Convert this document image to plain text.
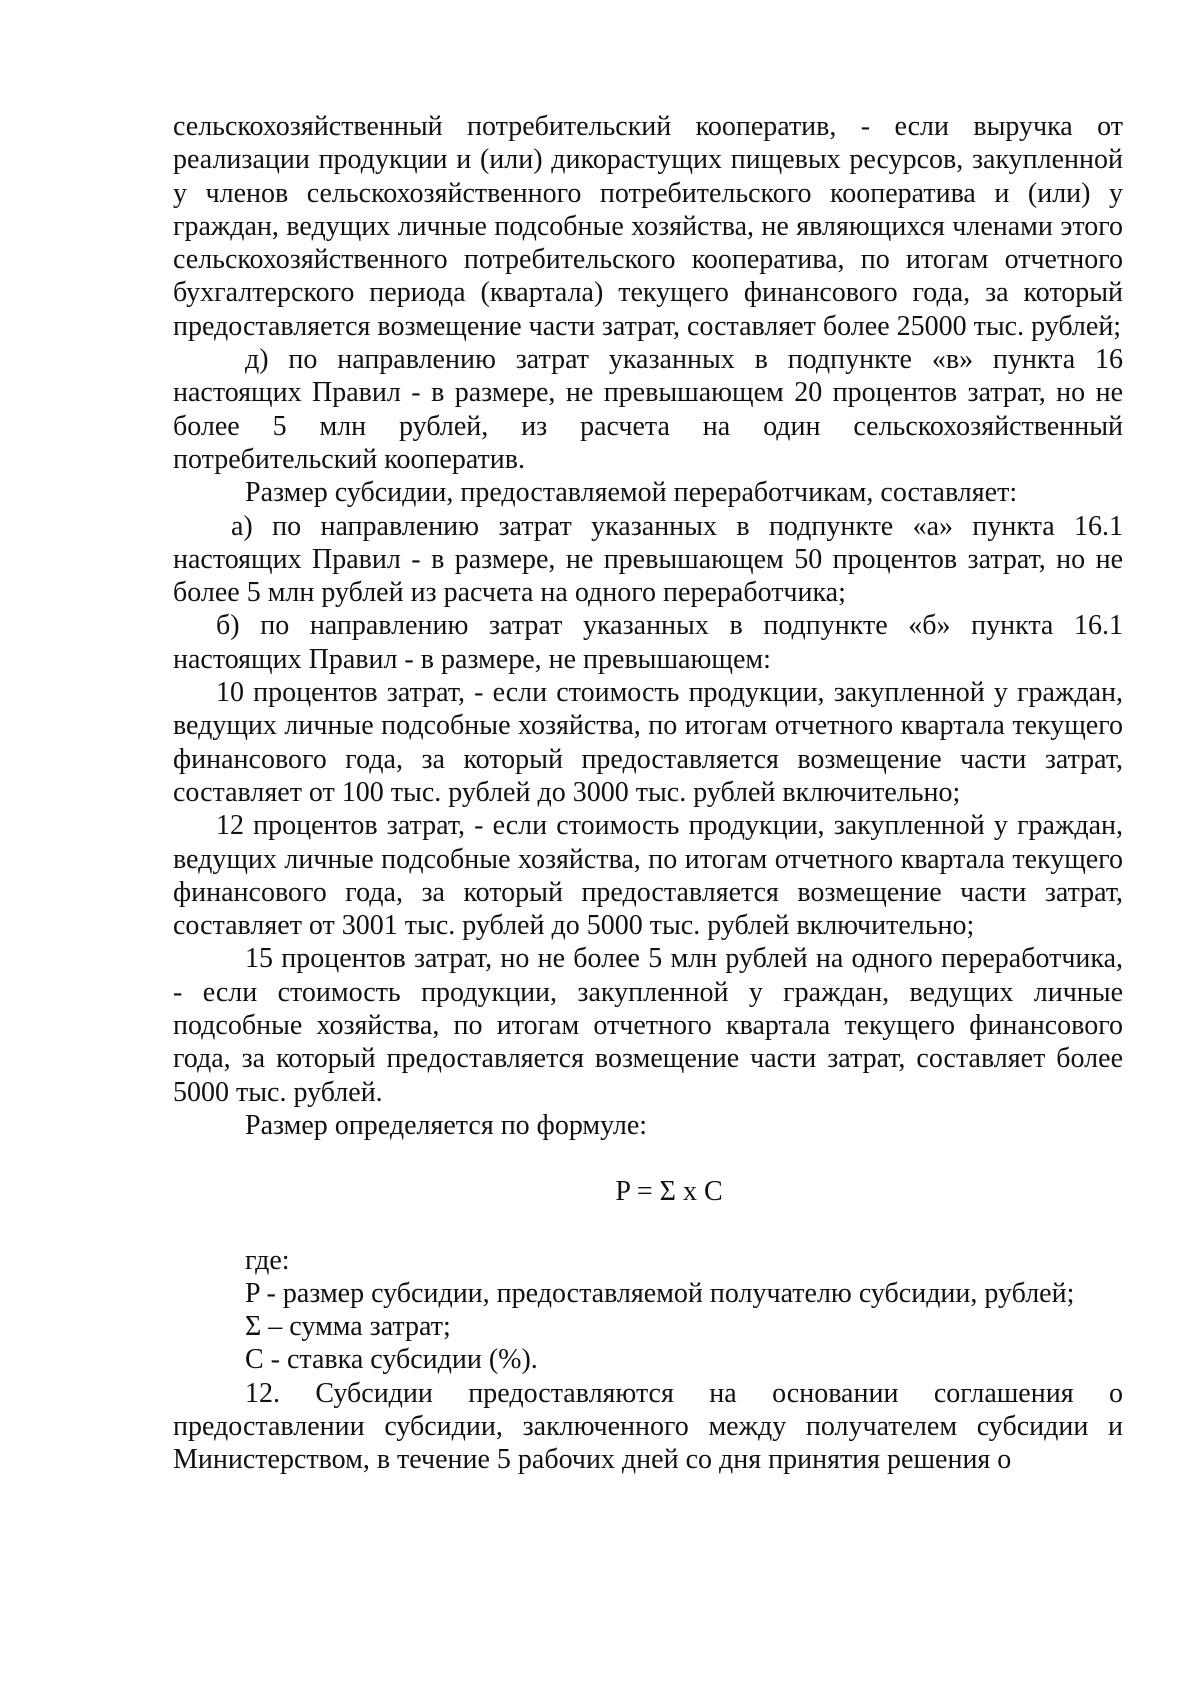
сельскохозяйственный потребительский кооператив, - если выручка от реализации продукции и (или) дикорастущих пищевых ресурсов, закупленной у членов сельскохозяйственного потребительского кооператива и (или) у граждан, ведущих личные подсобные хозяйства, не являющихся членами этого сельскохозяйственного потребительского кооператива, по итогам отчетного бухгалтерского периода (квартала) текущего финансового года, за который предоставляется возмещение части затрат, составляет более 25000 тыс. рублей;

д) по направлению затрат указанных в подпункте «в» пункта 16 настоящих Правил - в размере, не превышающем 20 процентов затрат, но не более 5 млн рублей, из расчета на один сельскохозяйственный потребительский кооператив.

Размер субсидии, предоставляемой переработчикам, составляет:

а) по направлению затрат указанных в подпункте «а» пункта 16.1 настоящих Правил - в размере, не превышающем 50 процентов затрат, но не более 5 млн рублей из расчета на одного переработчика;

б) по направлению затрат указанных в подпункте «б» пункта 16.1 настоящих Правил - в размере, не превышающем:

10 процентов затрат, - если стоимость продукции, закупленной у граждан, ведущих личные подсобные хозяйства, по итогам отчетного квартала текущего финансового года, за который предоставляется возмещение части затрат, составляет от 100 тыс. рублей до 3000 тыс. рублей включительно;

12 процентов затрат, - если стоимость продукции, закупленной у граждан, ведущих личные подсобные хозяйства, по итогам отчетного квартала текущего финансового года, за который предоставляется возмещение части затрат, составляет от 3001 тыс. рублей до 5000 тыс. рублей включительно;

15 процентов затрат, но не более 5 млн рублей на одного переработчика, - если стоимость продукции, закупленной у граждан, ведущих личные подсобные хозяйства, по итогам отчетного квартала текущего финансового года, за который предоставляется возмещение части затрат, составляет более 5000 тыс. рублей.

Размер определяется по формуле:

P = Σ x C

где:

P - размер субсидии, предоставляемой получателю субсидии, рублей;

Σ – сумма затрат;

C - ставка субсидии (%).

12. Субсидии предоставляются на основании соглашения о предоставлении субсидии, заключенного между получателем субсидии и Министерством, в течение 5 рабочих дней со дня принятия решения о
